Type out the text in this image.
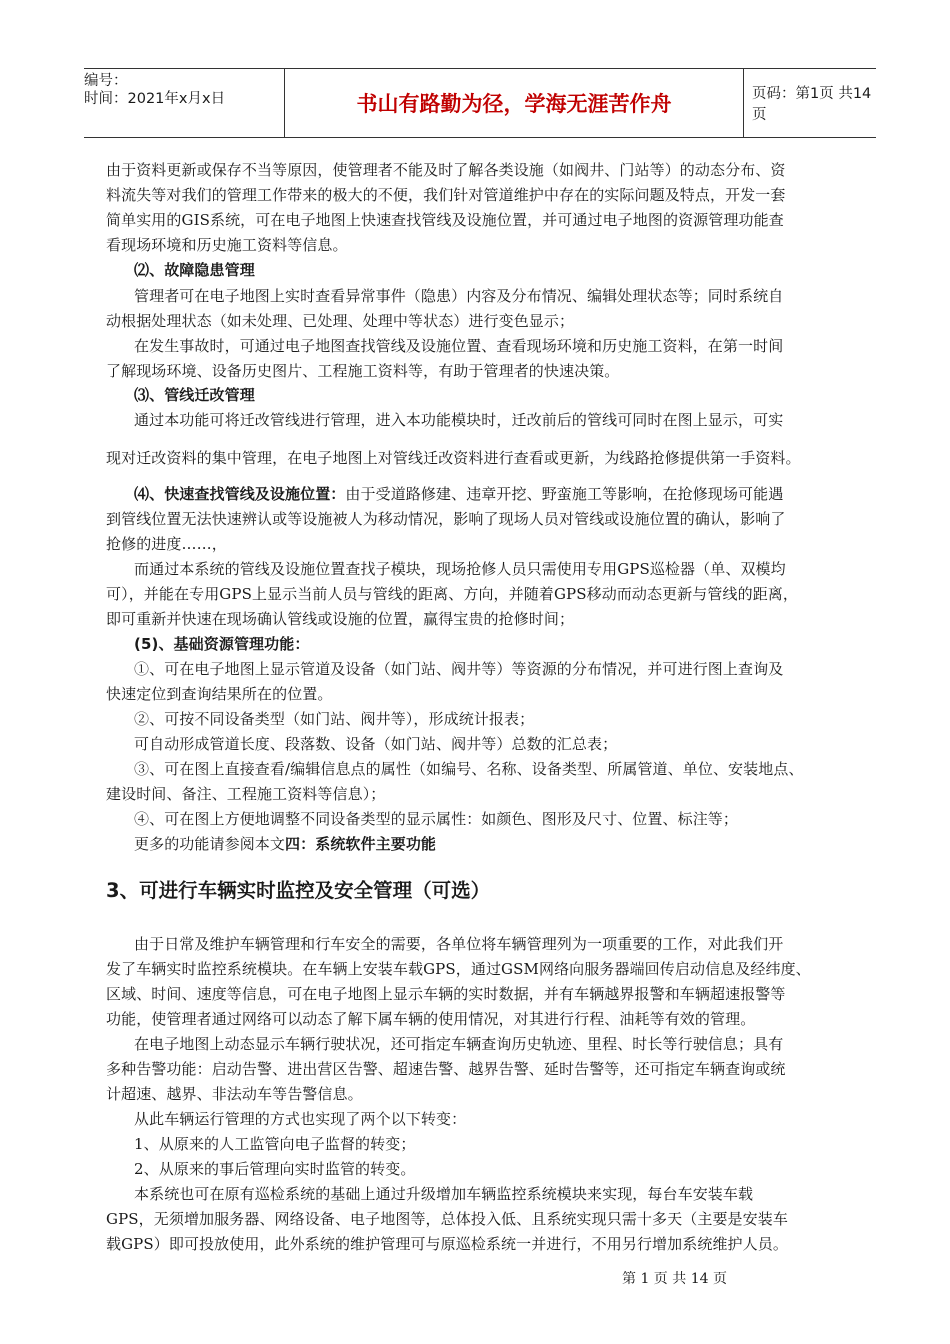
编号：
时间：2021年x月x日	书山有路勤为径，学海无涯苦作舟	页码：第1页 共14页
由于资料更新或保存不当等原因，使管理者不能及时了解各类设施（如阀井、门站等）的动态分布、资
料流失等对我们的管理工作带来的极大的不便，我们针对管道维护中存在的实际问题及特点，开发一套
简单实用的GIS系统，可在电子地图上快速查找管线及设施位置，并可通过电子地图的资源管理功能查
看现场环境和历史施工资料等信息。
⑵、故障隐患管理
管理者可在电子地图上实时查看异常事件（隐患）内容及分布情况、编辑处理状态等；同时系统自
动根据处理状态（如未处理、已处理、处理中等状态）进行变色显示；
在发生事故时，可通过电子地图查找管线及设施位置、查看现场环境和历史施工资料，在第一时间
了解现场环境、设备历史图片、工程施工资料等，有助于管理者的快速决策。
⑶、管线迁改管理
通过本功能可将迁改管线进行管理，进入本功能模块时，迁改前后的管线可同时在图上显示，可实
现对迁改资料的集中管理，在电子地图上对管线迁改资料进行查看或更新，为线路抢修提供第一手资料。
⑷、快速查找管线及设施位置：由于受道路修建、违章开挖、野蛮施工等影响，在抢修现场可能遇
到管线位置无法快速辨认或等设施被人为移动情况，影响了现场人员对管线或设施位置的确认，影响了
抢修的进度……，
而通过本系统的管线及设施位置查找子模块，现场抢修人员只需使用专用GPS巡检器（单、双模均
可），并能在专用GPS上显示当前人员与管线的距离、方向，并随着GPS移动而动态更新与管线的距离，
即可重新并快速在现场确认管线或设施的位置，赢得宝贵的抢修时间；
(5)、基础资源管理功能：
①、可在电子地图上显示管道及设备（如门站、阀井等）等资源的分布情况，并可进行图上查询及
快速定位到查询结果所在的位置。
②、可按不同设备类型（如门站、阀井等），形成统计报表；
可自动形成管道长度、段落数、设备（如门站、阀井等）总数的汇总表；
③、可在图上直接查看/编辑信息点的属性（如编号、名称、设备类型、所属管道、单位、安装地点、
建设时间、备注、工程施工资料等信息）；
④、可在图上方便地调整不同设备类型的显示属性：如颜色、图形及尺寸、位置、标注等；
更多的功能请参阅本文四：系统软件主要功能
3、可进行车辆实时监控及安全管理（可选）
由于日常及维护车辆管理和行车安全的需要，各单位将车辆管理列为一项重要的工作，对此我们开
发了车辆实时监控系统模块。在车辆上安装车载GPS，通过GSM网络向服务器端回传启动信息及经纬度、
区域、时间、速度等信息，可在电子地图上显示车辆的实时数据，并有车辆越界报警和车辆超速报警等
功能，使管理者通过网络可以动态了解下属车辆的使用情况，对其进行行程、油耗等有效的管理。
在电子地图上动态显示车辆行驶状况，还可指定车辆查询历史轨迹、里程、时长等行驶信息；具有
多种告警功能：启动告警、进出营区告警、超速告警、越界告警、延时告警等，还可指定车辆查询或统
计超速、越界、非法动车等告警信息。
从此车辆运行管理的方式也实现了两个以下转变：
1、从原来的人工监管向电子监督的转变；
2、从原来的事后管理向实时监管的转变。
本系统也可在原有巡检系统的基础上通过升级增加车辆监控系统模块来实现，每台车安装车载
GPS，无须增加服务器、网络设备、电子地图等，总体投入低、且系统实现只需十多天（主要是安装车
载GPS）即可投放使用，此外系统的维护管理可与原巡检系统一并进行，不用另行增加系统维护人员。
第 1 页 共 14 页
